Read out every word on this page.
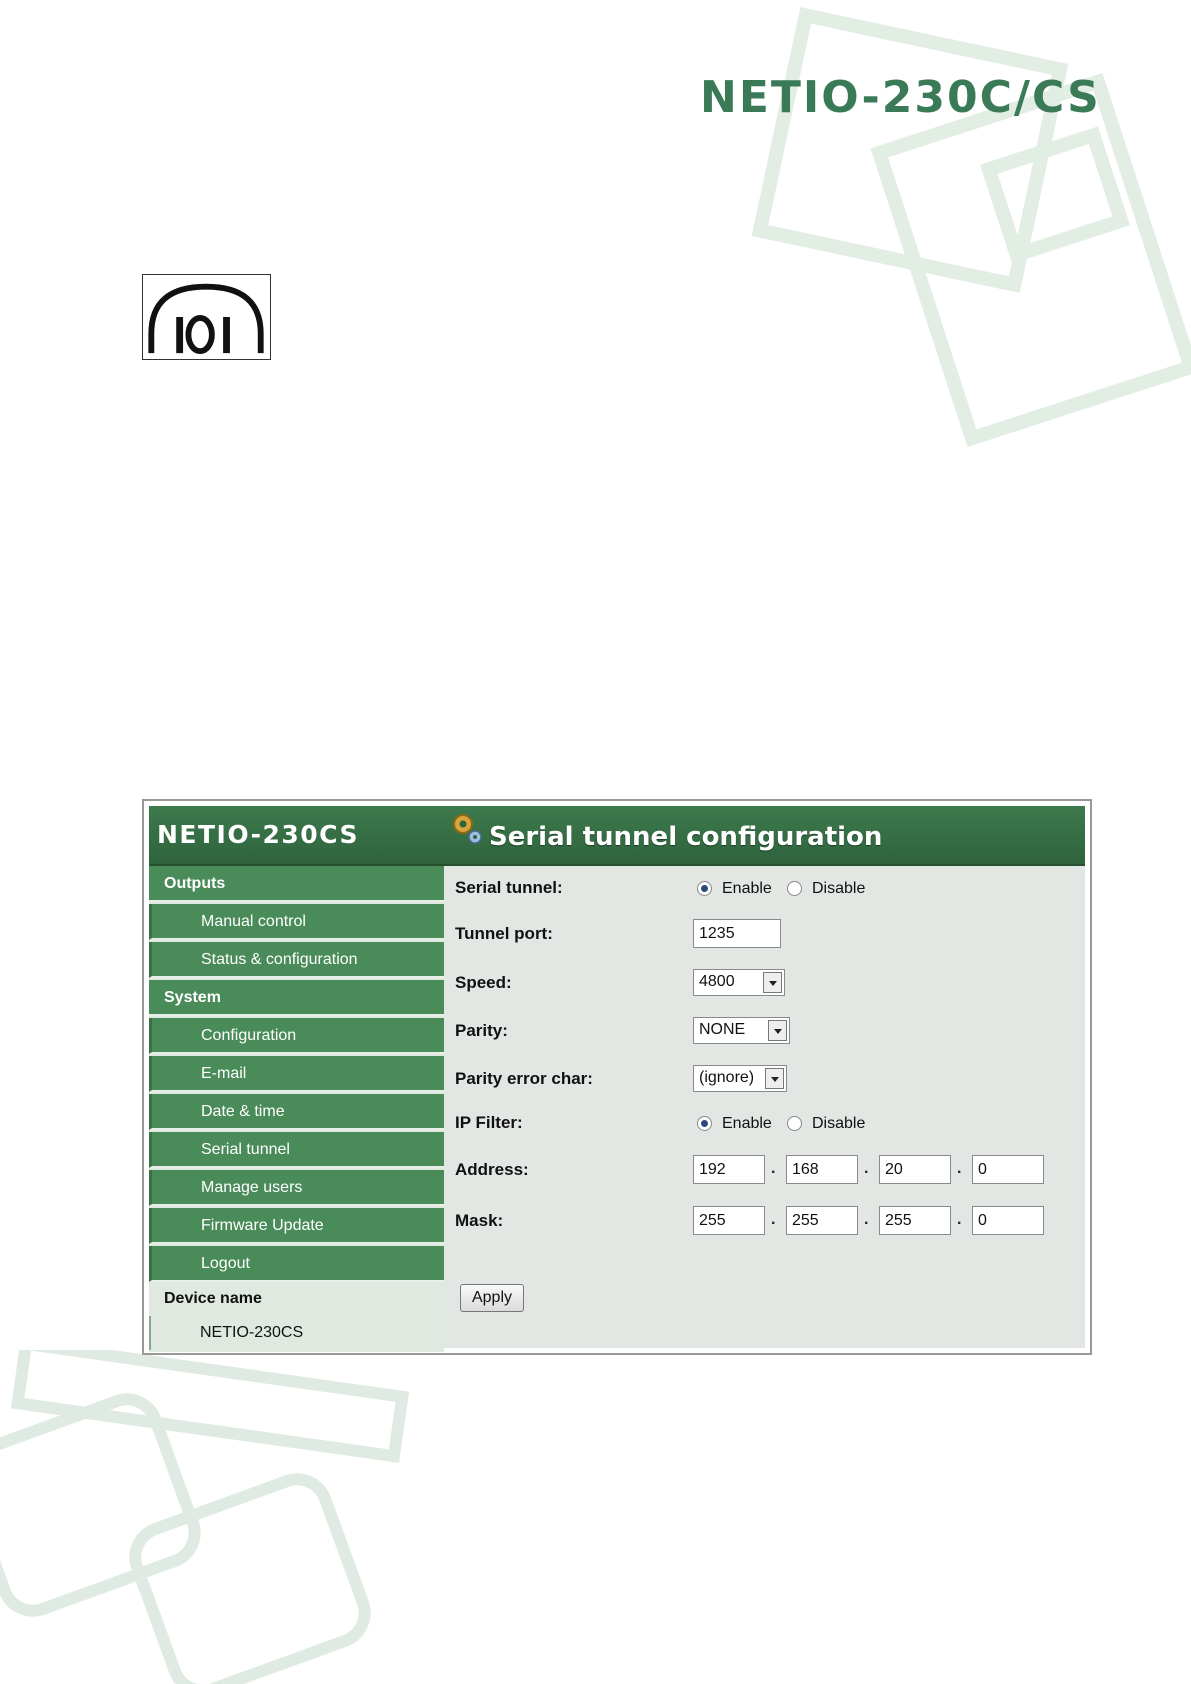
NETIO-230C/CS
NETIO-230CS	Serial tunnel configuration
Outputs
Manual control
Status & configuration
System
Configuration
E-mail
Date & time
Serial tunnel
Manage users
Firmware Update
Logout
Device name
NETIO-230CS
Serial tunnel:	Enable	Disable
Tunnel port:	1235
Speed:	4800
Parity:	NONE
Parity error char:	(ignore)
IP Filter:	Enable	Disable
Address:	192	.	168	.	20	.	0
Mask:	255	.	255	.	255	.	0
Apply
